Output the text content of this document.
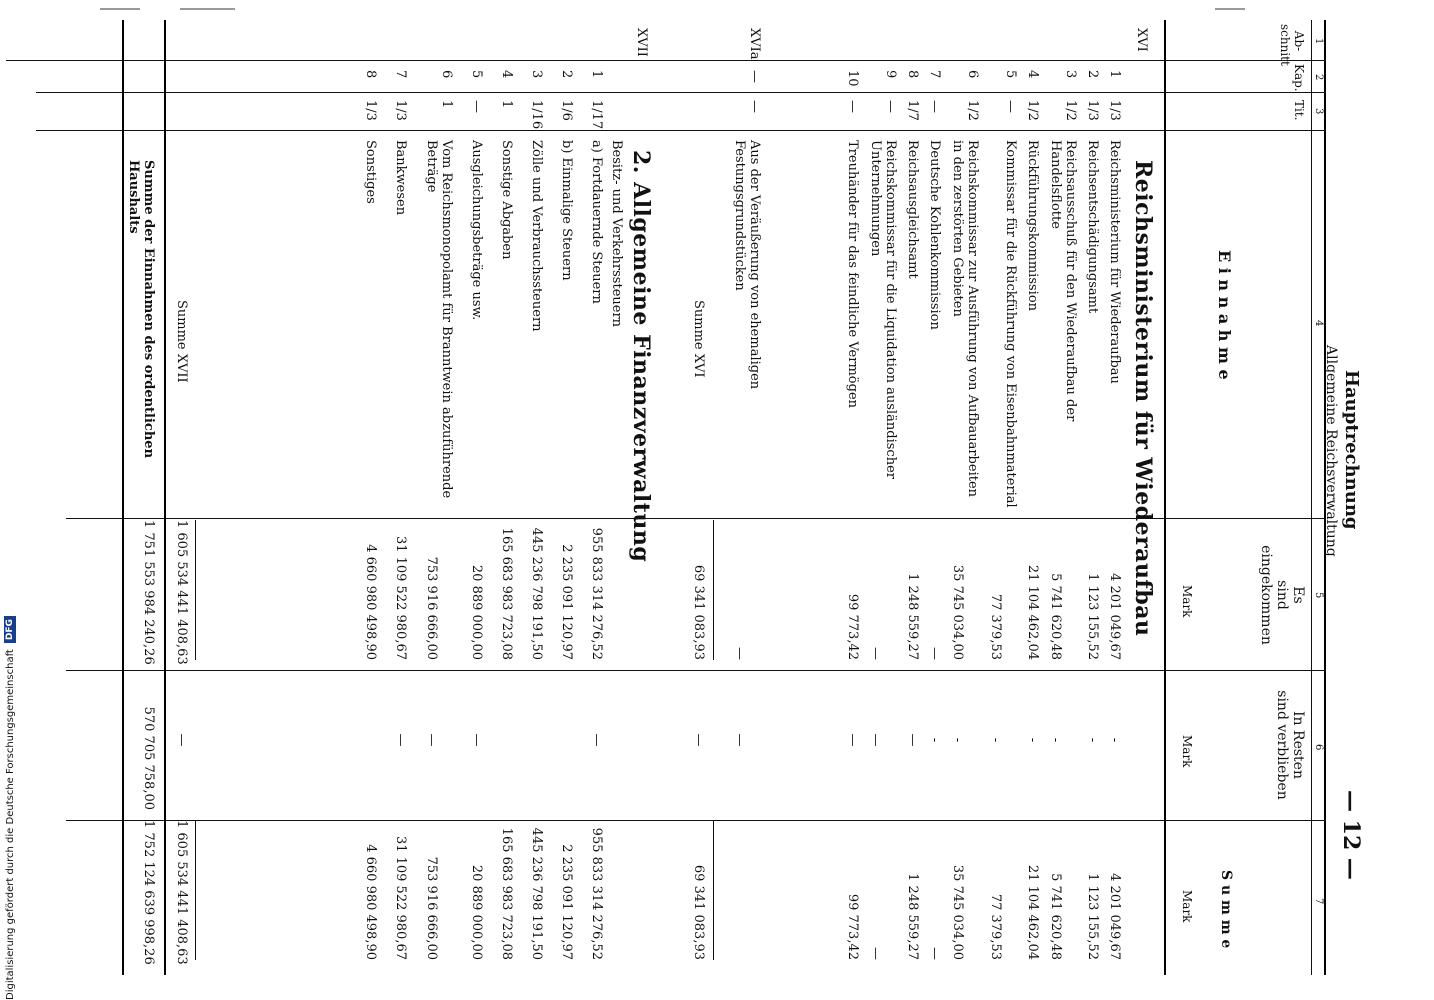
— 12 —
Hauptrechnung
Allgemeine Reichsverwaltung
1
2
3
4
5
6
7
Ab-
schnitt
Kap.
Tit.
E i n n a h m e
Es
sind eingekommen
Mark
In Resten
sind verblieben
Mark
S u m m e
Mark
XVI
Reichsministerium für Wiederaufbau
1
1/3
Reichsministerium für Wiederaufbau
4 201 049,67
-
4 201 049,67
2
1/3
Reichsentschädigungsamt
1 123 155,52
-
1 123 155,52
3
1/2
Reichsausschuß für den Wiederaufbau der Handelsflotte
5 741 620,48
-
5 741 620,48
4
1/2
Rückführungskommission
21 104 462,04
-
21 104 462,04
5
—
Kommissar für die Rückführung von Eisenbahnmaterial
77 379,53
-
77 379,53
6
1/2
Reichskommissar zur Ausführung von Aufbauarbeiten in den zerstörten Gebieten
35 745 034,00
-
35 745 034,00
7
—
Deutsche Kohlenkommission
—
-
—
8
1/7
Reichsausgleichsamt
1 248 559,27
—
1 248 559,27
9
—
Reichskommissar für die Liquidation ausländischer Unternehmungen
—
—
—
10
—
Treuhänder für das feindliche Vermögen
99 773,42
—
99 773,42
XVIa
—
—
Aus der Veräußerung von ehemaligen Festungsgrundstücken
—
—
XVII
2. Allgemeine Finanzverwaltung
Besitz- und Verkehrssteuern
1
1/17
a) Fortdauernde Steuern
955 833 314 276,52
—
955 833 314 276,52
2
1/6
b) Einmalige Steuern
2 235 091 120,97
2 235 091 120,97
3
1/16
Zölle und Verbrauchssteuern
445 236 798 191,50
445 236 798 191,50
4
1
Sonstige Abgaben
165 683 983 723,08
165 683 983 723,08
5
—
Ausgleichungsbeträge usw.
20 889 000,00
—
20 889 000,00
6
1
Vom Reichsmonopolamt für Branntwein abzuführende Beträge
753 916 666,00
—
753 916 666,00
7
1/3
Bankwesen
31 109 522 980,67
—
31 109 522 980,67
8
1/3
Sonstiges
4 660 980 498,90
4 660 980 498,90
Summe XVI
69 341 083,93
—
69 341 083,93
Summe XVII
1 605 534 441 408,63
—
1 605 534 441 408,63
Summe der Einnahmen des ordentlichen Haushalts
1 751 553 984 240,26
570 705 758,00
1 752 124 639 998,26
Digitalisierung gefördert durch die Deutsche Forschungsgemeinschaft
DFG
